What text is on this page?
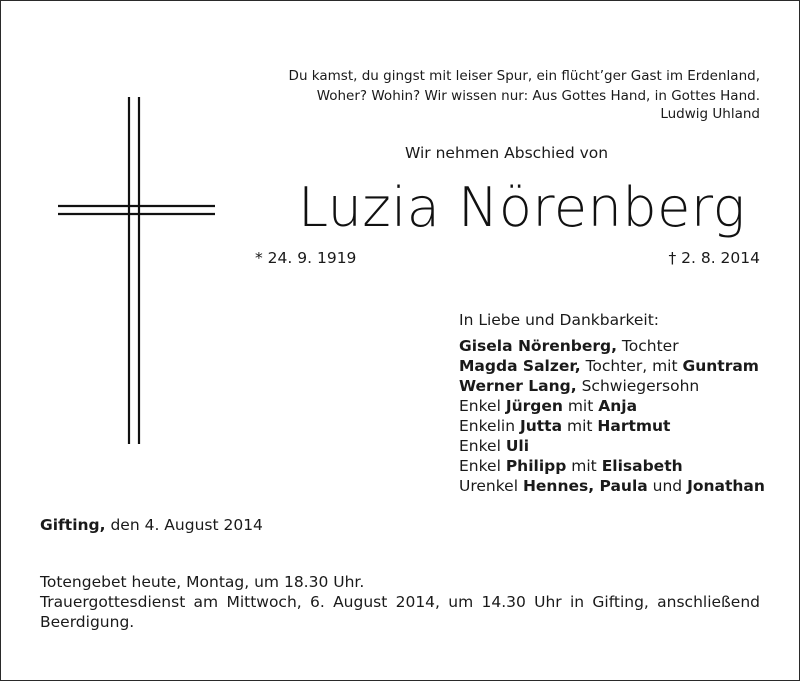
Du kamst, du gingst mit leiser Spur, ein flücht’ger Gast im Erdenland,
Woher? Wohin? Wir wissen nur: Aus Gottes Hand, in Gottes Hand.
Ludwig Uhland
Wir nehmen Abschied von
Luzia Nörenberg
* 24. 9. 1919	† 2. 8. 2014
In Liebe und Dankbarkeit:
Gisela Nörenberg, Tochter
Magda Salzer, Tochter, mit Guntram
Werner Lang, Schwiegersohn
Enkel Jürgen mit Anja
Enkelin Jutta mit Hartmut
Enkel Uli
Enkel Philipp mit Elisabeth
Urenkel Hennes, Paula und Jonathan
Gifting, den 4. August 2014

Totengebet heute, Montag, um 18.30 Uhr.

Trauergottesdienst am Mittwoch, 6. August 2014, um 14.30 Uhr in Gifting, anschließend Beerdigung.
